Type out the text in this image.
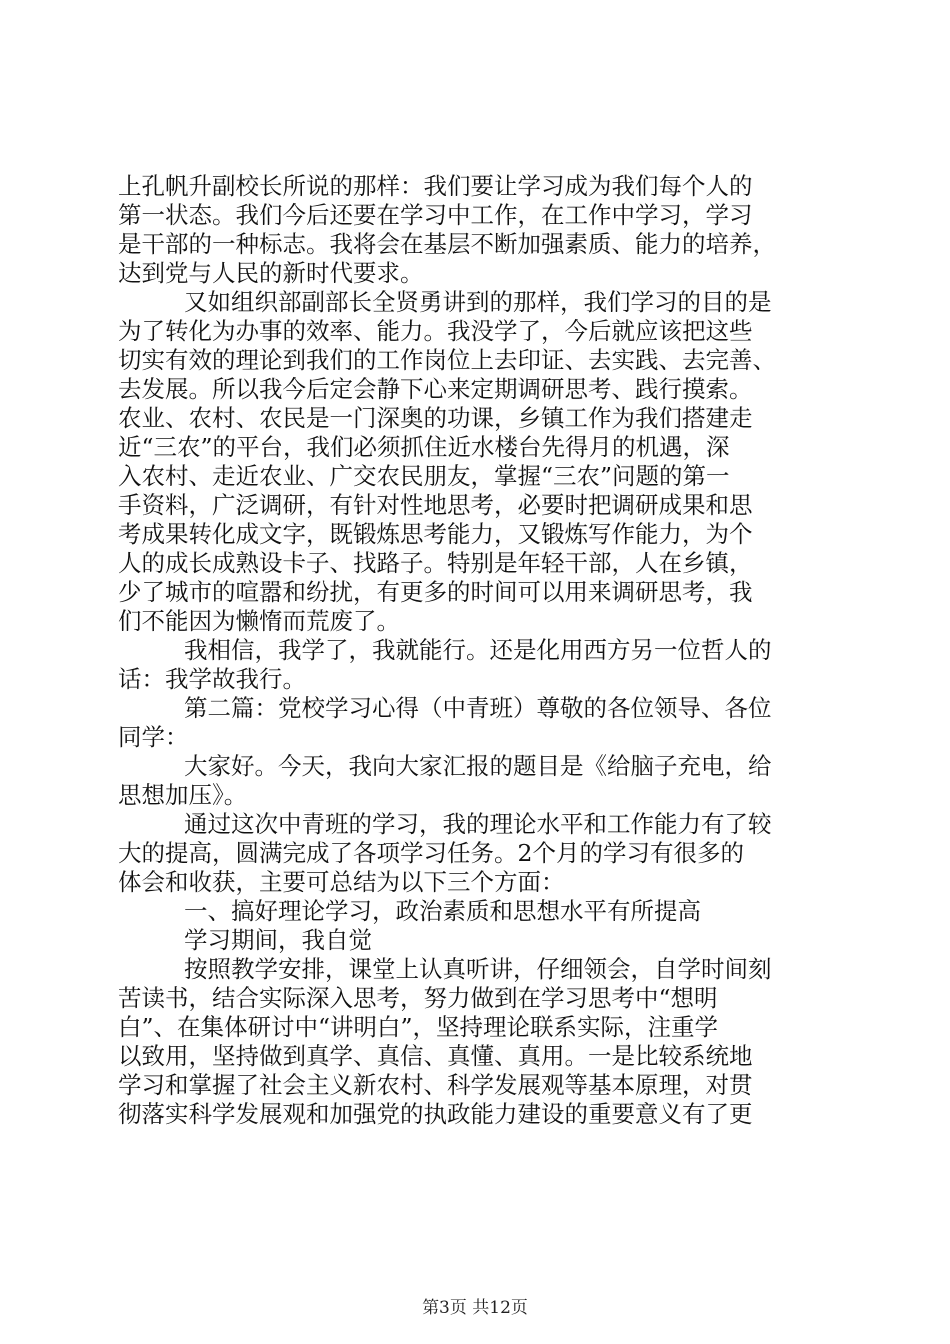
上孔帆升副校长所说的那样：我们要让学习成为我们每个人的
第一状态。我们今后还要在学习中工作，在工作中学习，学习
是干部的一种标志。我将会在基层不断加强素质、能力的培养，
达到党与人民的新时代要求。
又如组织部副部长全贤勇讲到的那样，我们学习的目的是
为了转化为办事的效率、能力。我没学了，今后就应该把这些
切实有效的理论到我们的工作岗位上去印证、去实践、去完善、
去发展。所以我今后定会静下心来定期调研思考、践行摸索。
农业、农村、农民是一门深奥的功课，乡镇工作为我们搭建走
近“三农”的平台，我们必须抓住近水楼台先得月的机遇，深
入农村、走近农业、广交农民朋友，掌握“三农”问题的第一
手资料，广泛调研，有针对性地思考，必要时把调研成果和思
考成果转化成文字，既锻炼思考能力，又锻炼写作能力，为个
人的成长成熟设卡子、找路子。特别是年轻干部，人在乡镇，
少了城市的喧嚣和纷扰，有更多的时间可以用来调研思考，我
们不能因为懒惰而荒废了。
我相信，我学了，我就能行。还是化用西方另一位哲人的
话：我学故我行。
第二篇：党校学习心得（中青班）尊敬的各位领导、各位
同学：
大家好。今天，我向大家汇报的题目是《给脑子充电，给
思想加压》。
通过这次中青班的学习，我的理论水平和工作能力有了较
大的提高，圆满完成了各项学习任务。2个月的学习有很多的
体会和收获，主要可总结为以下三个方面：
一、搞好理论学习，政治素质和思想水平有所提高
学习期间，我自觉
按照教学安排，课堂上认真听讲，仔细领会，自学时间刻
苦读书，结合实际深入思考，努力做到在学习思考中“想明
白”、在集体研讨中“讲明白”，坚持理论联系实际，注重学
以致用，坚持做到真学、真信、真懂、真用。一是比较系统地
学习和掌握了社会主义新农村、科学发展观等基本原理，对贯
彻落实科学发展观和加强党的执政能力建设的重要意义有了更
第3页 共12页
